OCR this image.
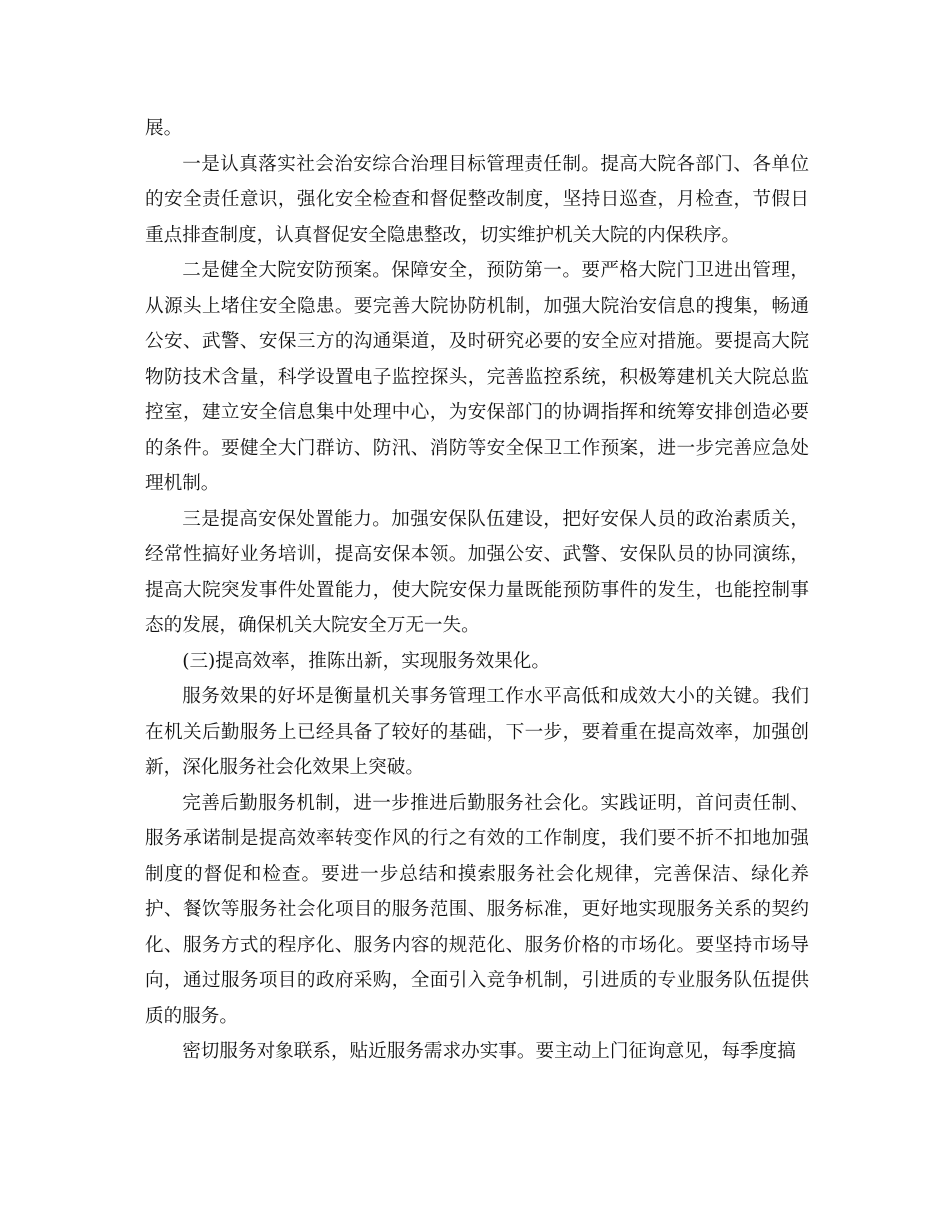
展。

一是认真落实社会治安综合治理目标管理责任制。提高大院各部门、各单位的安全责任意识，强化安全检查和督促整改制度，坚持日巡查，月检查，节假日重点排查制度，认真督促安全隐患整改，切实维护机关大院的内保秩序。

二是健全大院安防预案。保障安全，预防第一。要严格大院门卫进出管理，从源头上堵住安全隐患。要完善大院协防机制，加强大院治安信息的搜集，畅通公安、武警、安保三方的沟通渠道，及时研究必要的安全应对措施。要提高大院物防技术含量，科学设置电子监控探头，完善监控系统，积极筹建机关大院总监控室，建立安全信息集中处理中心，为安保部门的协调指挥和统筹安排创造必要的条件。要健全大门群访、防汛、消防等安全保卫工作预案，进一步完善应急处理机制。

三是提高安保处置能力。加强安保队伍建设，把好安保人员的政治素质关，经常性搞好业务培训，提高安保本领。加强公安、武警、安保队员的协同演练，提高大院突发事件处置能力，使大院安保力量既能预防事件的发生，也能控制事态的发展，确保机关大院安全万无一失。

(三)提高效率，推陈出新，实现服务效果化。

服务效果的好坏是衡量机关事务管理工作水平高低和成效大小的关键。我们在机关后勤服务上已经具备了较好的基础，下一步，要着重在提高效率，加强创新，深化服务社会化效果上突破。

完善后勤服务机制，进一步推进后勤服务社会化。实践证明，首问责任制、服务承诺制是提高效率转变作风的行之有效的工作制度，我们要不折不扣地加强制度的督促和检查。要进一步总结和摸索服务社会化规律，完善保洁、绿化养护、餐饮等服务社会化项目的服务范围、服务标准，更好地实现服务关系的契约化、服务方式的程序化、服务内容的规范化、服务价格的市场化。要坚持市场导向，通过服务项目的政府采购，全面引入竞争机制，引进质的专业服务队伍提供质的服务。

密切服务对象联系，贴近服务需求办实事。要主动上门征询意见，每季度搞
